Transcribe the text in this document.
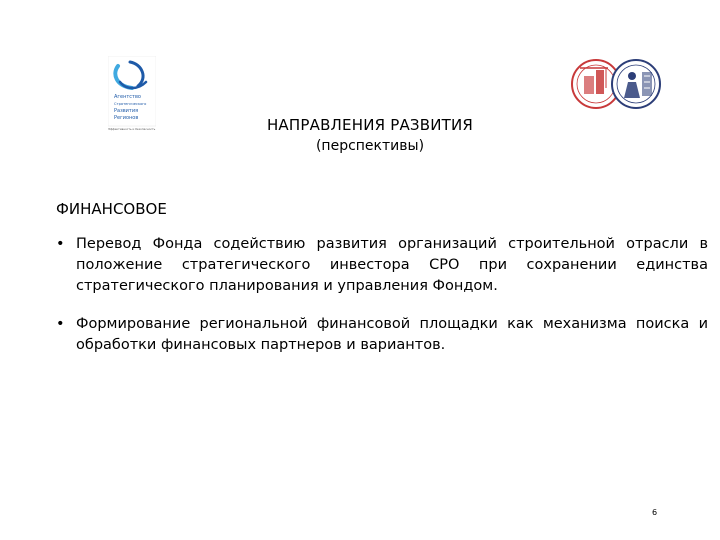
Агентство
Стратегического
Развития
Регионов
Эффективность и безопасность	НАПРАВЛЕНИЯ РАЗВИТИЯ
(перспективы)
ФИНАНСОВОЕ
• Перевод Фонда содействию развития организаций строительной отрасли в положение стратегического инвестора СРО при сохранении единства стратегического планирования и управления Фондом.
• Формирование региональной финансовой площадки как механизма поиска и обработки финансовых партнеров и вариантов.
6
